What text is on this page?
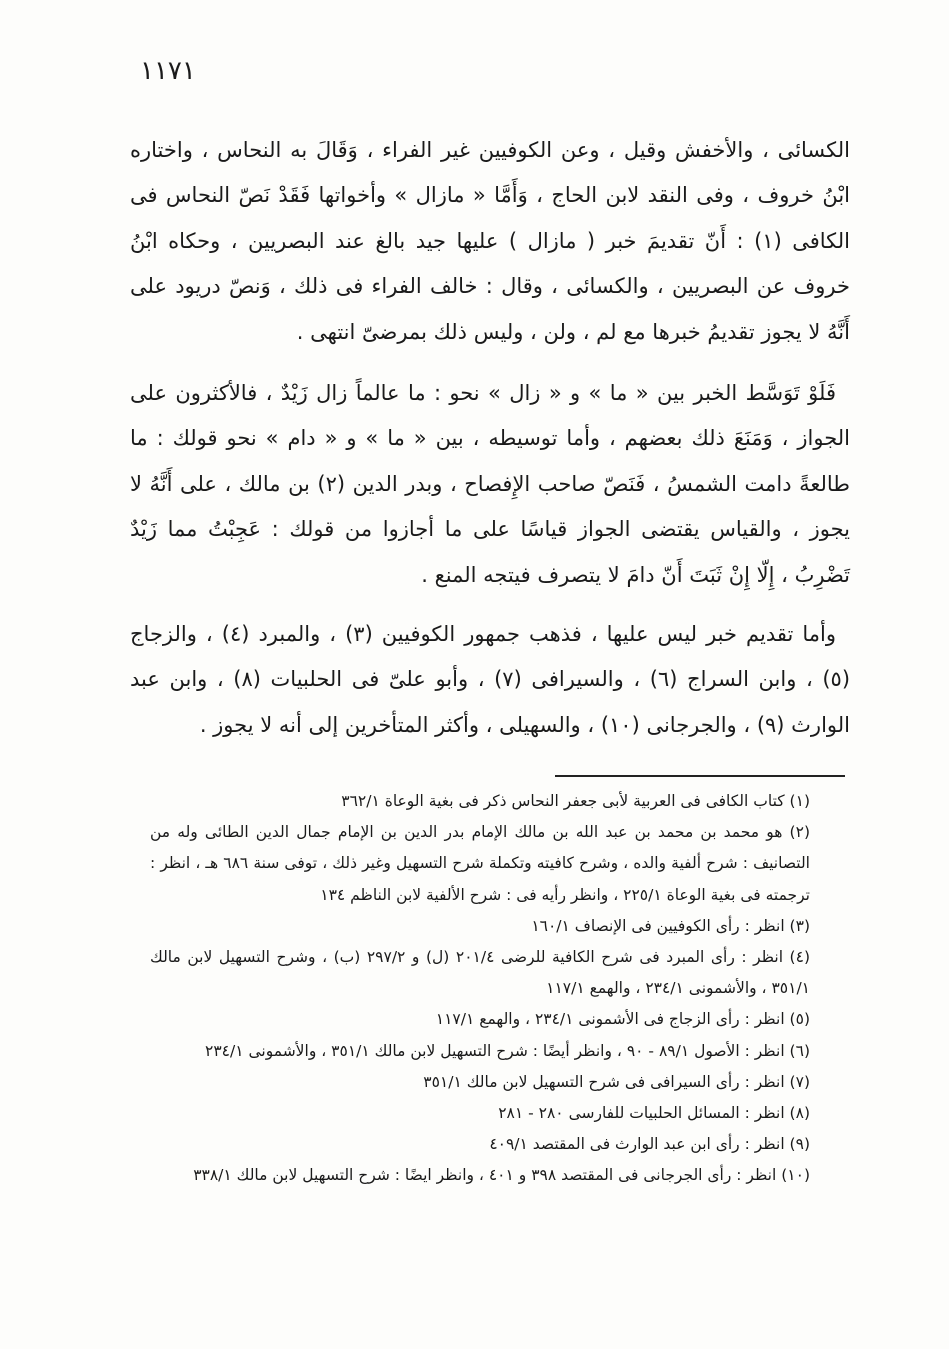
١١٧١

الكسائى ، والأخفش وقيل ، وعن الكوفيين غير الفراء ، وَقَالَ به النحاس ، واختاره ابْنُ خروف ، وفى النقد لابن الحاج ، وَأَمَّا « مازال » وأخواتها فَقَدْ نَصّ النحاس فى الكافى (١) : أَنّ تقديمَ خبر ( مازال ) عليها جيد بالغ عند البصريين ، وحكاه ابْنُ خروف عن البصريين ، والكسائى ، وقال : خالف الفراء فى ذلك ، وَنصّ دريود على أَنَّهُ لا يجوز تقديمُ خبرها مع لم ، ولن ، وليس ذلك بمرضىّ انتهى .

فَلَوْ تَوَسَّط الخبر بين « ما » و « زال » نحو : ما عالماً زال زَيْدٌ ، فالأكثرون على الجواز ، وَمَنَعَ ذلك بعضهم ، وأما توسيطه ، بين « ما » و « دام » نحو قولك : ما طالعةً دامت الشمسُ ، فَنَصّ صاحب الإِفصاح ، وبدر الدين (٢) بن مالك ، على أَنَّهُ لا يجوز ، والقياس يقتضى الجواز قياسًا على ما أجازوا من قولك : عَجِبْتُ مما زَيْدٌ تَضْرِبُ ، إِلّا إِنْ ثَبَتَ أَنّ دامَ لا يتصرف فيتجه المنع .

وأما تقديم خبر ليس عليها ، فذهب جمهور الكوفيين (٣) ، والمبرد (٤) ، والزجاج (٥) ، وابن السراج (٦) ، والسيرافى (٧) ، وأبو علىّ فى الحلبيات (٨) ، وابن عبد الوارث (٩) ، والجرجانى (١٠) ، والسهيلى ، وأكثر المتأخرين إلى أنه لا يجوز .

(١) كتاب الكافى فى العربية لأبى جعفر النحاس ذكر فى بغية الوعاة ٣٦٢/١

(٢) هو محمد بن محمد بن عبد الله بن مالك الإمام بدر الدين بن الإمام جمال الدين الطائى وله من التصانيف : شرح ألفية والده ، وشرح كافيته وتكملة شرح التسهيل وغير ذلك ، توفى سنة ٦٨٦ هـ ، انظر : ترجمته فى بغية الوعاة ٢٢٥/١ ، وانظر رأيه فى : شرح الألفية لابن الناظم ١٣٤

(٣) انظر : رأى الكوفيين فى الإنصاف ١٦٠/١

(٤) انظر : رأى المبرد فى شرح الكافية للرضى ٢٠١/٤ (ل) و ٢٩٧/٢ (ب) ، وشرح التسهيل لابن مالك ٣٥١/١ ، والأشمونى ٢٣٤/١ ، والهمع ١١٧/١

(٥) انظر : رأى الزجاج فى الأشمونى ٢٣٤/١ ، والهمع ١١٧/١

(٦) انظر : الأصول ٨٩/١ - ٩٠ ، وانظر أيضًا : شرح التسهيل لابن مالك ٣٥١/١ ، والأشمونى ٢٣٤/١

(٧) انظر : رأى السيرافى فى شرح التسهيل لابن مالك ٣٥١/١

(٨) انظر : المسائل الحلبيات للفارسى ٢٨٠ - ٢٨١

(٩) انظر : رأى ابن عبد الوارث فى المقتصد ٤٠٩/١

(١٠) انظر : رأى الجرجانى فى المقتصد ٣٩٨ و ٤٠١ ، وانظر ايضًا : شرح التسهيل لابن مالك ٣٣٨/١
